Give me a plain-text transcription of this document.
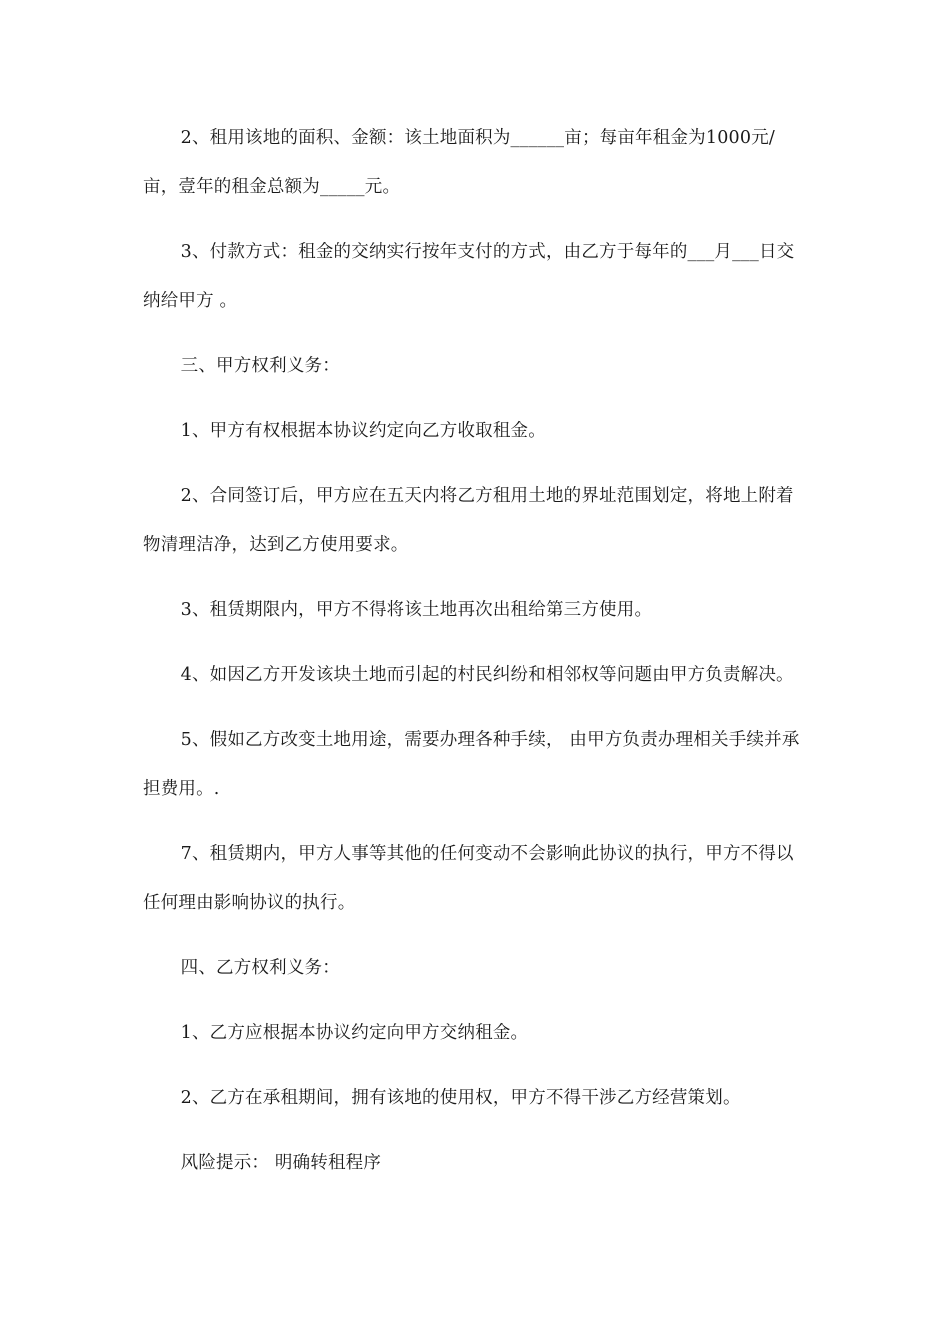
2、租用该地的面积、金额：该土地面积为______亩；每亩年租金为1000元/亩，壹年的租金总额为_____元。

3、付款方式：租金的交纳实行按年支付的方式，由乙方于每年的___月___日交纳给甲方 。

三、甲方权利义务：

1、甲方有权根据本协议约定向乙方收取租金。

2、合同签订后，甲方应在五天内将乙方租用土地的界址范围划定，将地上附着物清理洁净，达到乙方使用要求。

3、租赁期限内，甲方不得将该土地再次出租给第三方使用。

4、如因乙方开发该块土地而引起的村民纠纷和相邻权等问题由甲方负责解决。

5、假如乙方改变土地用途，需要办理各种手续， 由甲方负责办理相关手续并承担费用。.

7、租赁期内，甲方人事等其他的任何变动不会影响此协议的执行，甲方不得以任何理由影响协议的执行。

四、乙方权利义务：

1、乙方应根据本协议约定向甲方交纳租金。

2、乙方在承租期间，拥有该地的使用权，甲方不得干涉乙方经营策划。

风险提示： 明确转租程序
